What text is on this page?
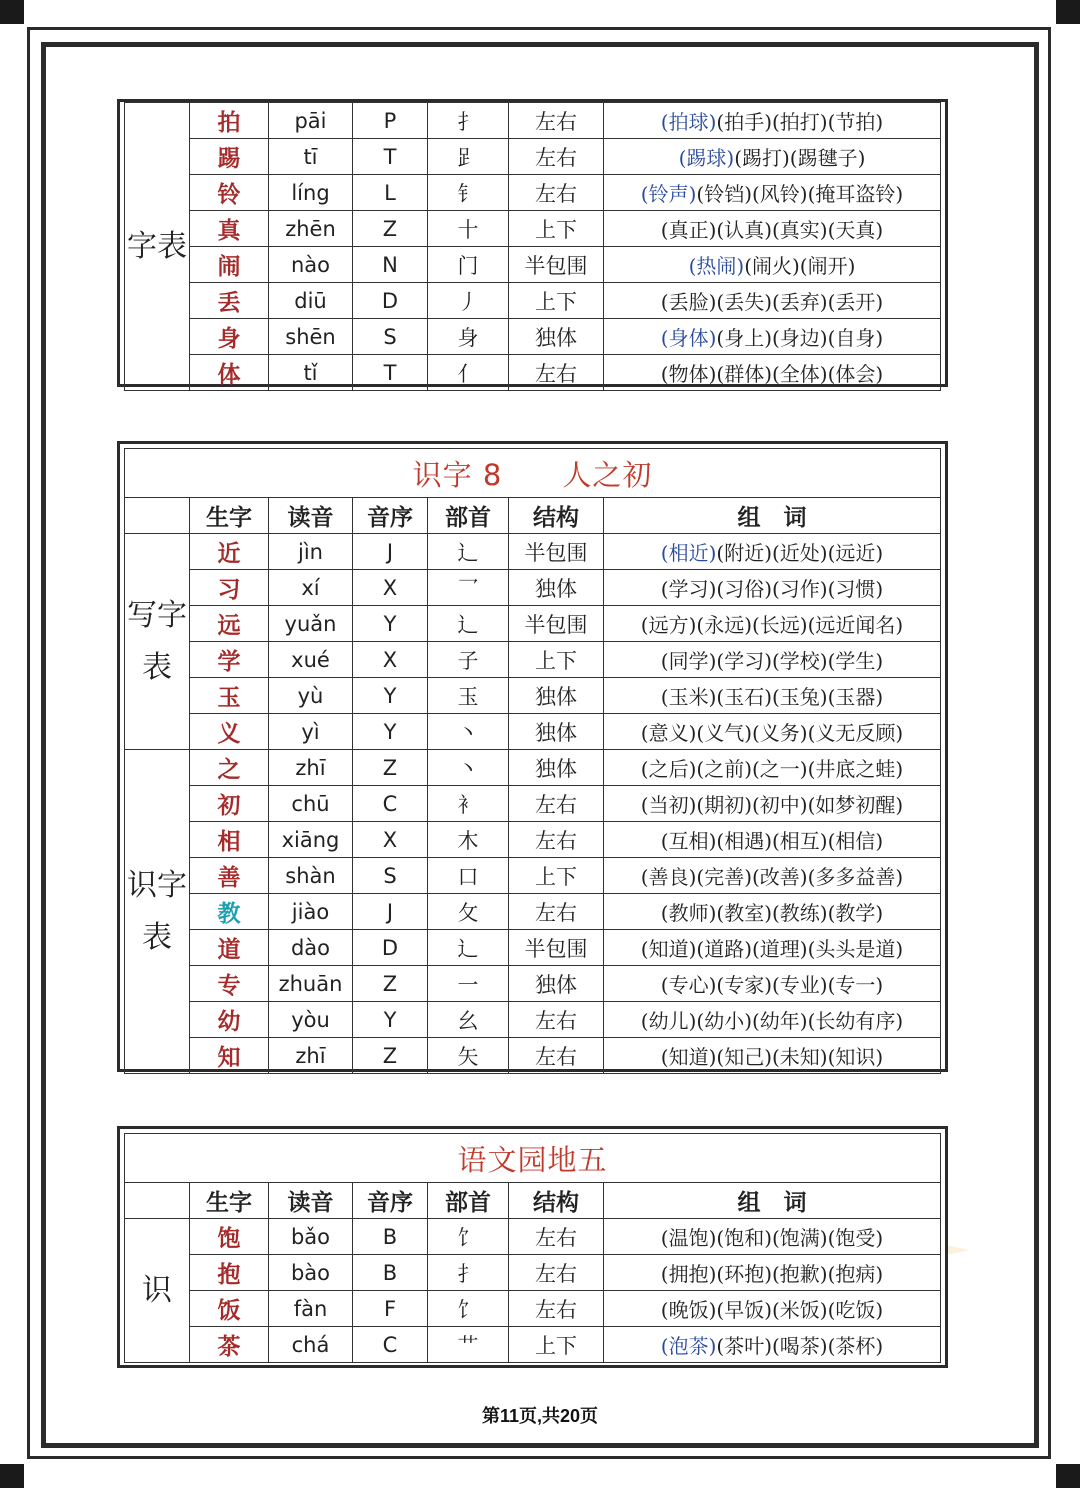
字表	拍	pāi	P	扌	左右	(拍球)(拍手)(拍打)(节拍)
	踢	tī	T	𧾷	左右	(踢球)(踢打)(踢毽子)
	铃	líng	L	钅	左右	(铃声)(铃铛)(风铃)(掩耳盗铃)
	真	zhēn	Z	十	上下	(真正)(认真)(真实)(天真)
	闹	nào	N	门	半包围	(热闹)(闹火)(闹开)
	丢	diū	D	丿	上下	(丢脸)(丢失)(丢弃)(丢开)
	身	shēn	S	身	独体	(身体)(身上)(身边)(自身)
	体	tǐ	T	亻	左右	(物体)(群体)(全体)(体会)
识字 8　　人之初						
	生字	读音	音序	部首	结构	组　词
写字表	近	jìn	J	辶	半包围	(相近)(附近)(近处)(远近)
	习	xí	X	乛	独体	(学习)(习俗)(习作)(习惯)
	远	yuǎn	Y	辶	半包围	(远方)(永远)(长远)(远近闻名)
	学	xué	X	子	上下	(同学)(学习)(学校)(学生)
	玉	yù	Y	玉	独体	(玉米)(玉石)(玉兔)(玉器)
	义	yì	Y	丶	独体	(意义)(义气)(义务)(义无反顾)
识字表	之	zhī	Z	丶	独体	(之后)(之前)(之一)(井底之蛙)
	初	chū	C	衤	左右	(当初)(期初)(初中)(如梦初醒)
	相	xiāng	X	木	左右	(互相)(相遇)(相互)(相信)
	善	shàn	S	口	上下	(善良)(完善)(改善)(多多益善)
	教	jiào	J	攵	左右	(教师)(教室)(教练)(教学)
	道	dào	D	辶	半包围	(知道)(道路)(道理)(头头是道)
	专	zhuān	Z	一	独体	(专心)(专家)(专业)(专一)
	幼	yòu	Y	幺	左右	(幼儿)(幼小)(幼年)(长幼有序)
	知	zhī	Z	矢	左右	(知道)(知己)(未知)(知识)
语文园地五						
	生字	读音	音序	部首	结构	组　词
识	饱	bǎo	B	饣	左右	(温饱)(饱和)(饱满)(饱受)
	抱	bào	B	扌	左右	(拥抱)(环抱)(抱歉)(抱病)
	饭	fàn	F	饣	左右	(晚饭)(早饭)(米饭)(吃饭)
	茶	chá	C	艹	上下	(泡茶)(茶叶)(喝茶)(茶杯)
第11页,共20页
